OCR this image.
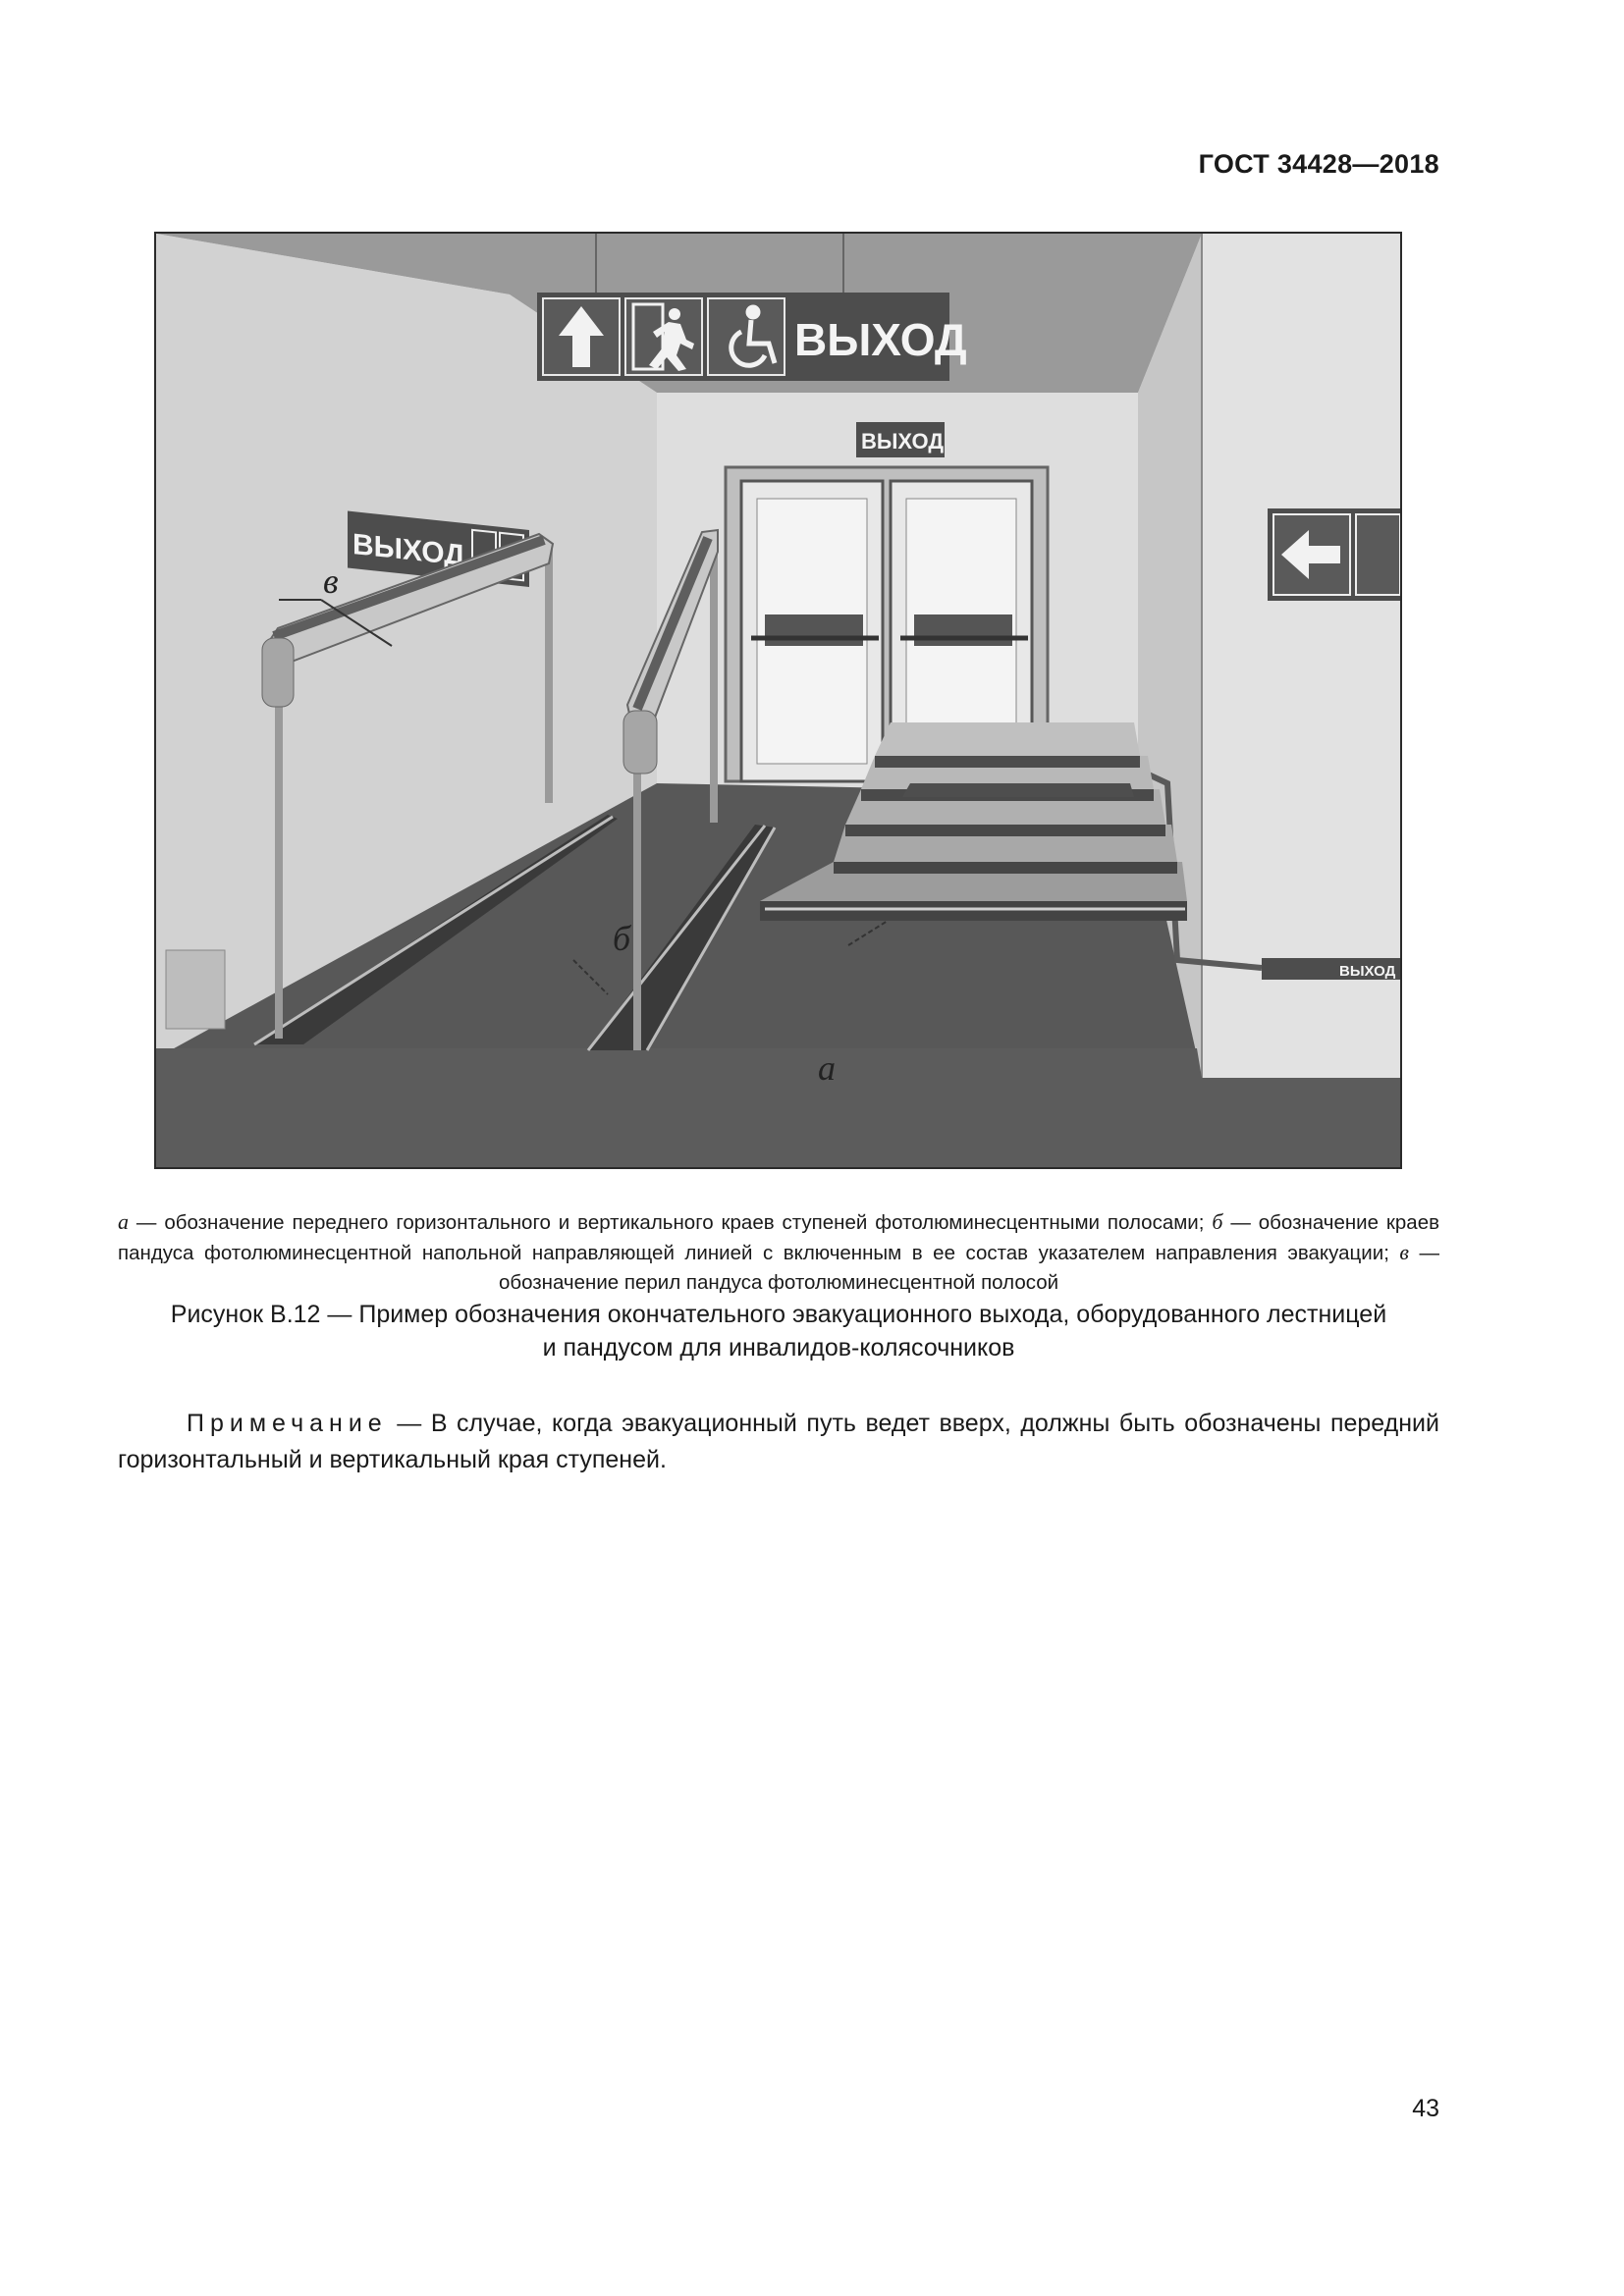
ГОСТ 34428—2018
ВЫХОД
ВЫХОД
ВЫХОД
ВЫХОД
в
б
а
а — обозначение переднего горизонтального и вертикального краев ступеней фотолюминесцентными полосами; б — обозначение краев пандуса фотолюминесцентной напольной направляющей линией с включенным в ее состав указателем направления эвакуации; в — обозначение перил пандуса фотолюминесцентной полосой
Рисунок В.12 — Пример обозначения окончательного эвакуационного выхода, оборудованного лестницей
и пандусом для инвалидов-колясочников
Примечание — В случае, когда эвакуационный путь ведет вверх, должны быть обозначены передний горизонтальный и вертикальный края ступеней.
43
